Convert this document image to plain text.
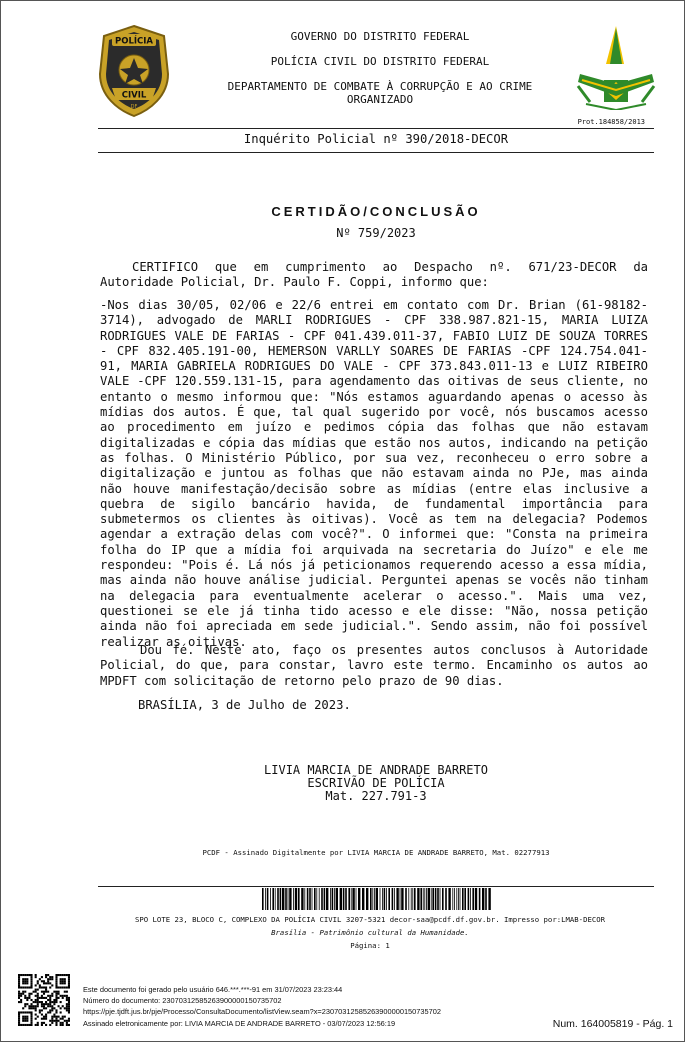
POLÍCIA
CIVIL
DF
GOVERNO DO DISTRITO FEDERAL
POLÍCIA CIVIL DO DISTRITO FEDERAL
DEPARTAMENTO DE COMBATE À CORRUPÇÃO E AO CRIME ORGANIZADO
Prot.184858/2013
Inquérito Policial nº 390/2018-DECOR
CERTIDÃO/CONCLUSÃO
Nº 759/2023
CERTIFICO que em cumprimento ao Despacho nº. 671/23-DECOR da Autoridade Policial, Dr. Paulo F. Coppi, informo que:
-Nos dias 30/05, 02/06 e 22/6 entrei em contato com Dr. Brian (61-98182-3714), advogado de MARLI RODRIGUES - CPF 338.987.821-15, MARIA LUIZA RODRIGUES VALE DE FARIAS - CPF 041.439.011-37, FABIO LUIZ DE SOUZA TORRES - CPF 832.405.191-00, HEMERSON VARLLY SOARES DE FARIAS -CPF 124.754.041-91, MARIA GABRIELA RODRIGUES DO VALE - CPF 373.843.011-13 e LUIZ RIBEIRO VALE -CPF 120.559.131-15, para agendamento das oitivas de seus cliente, no entanto o mesmo informou que: "Nós estamos aguardando apenas o acesso às mídias dos autos. É que, tal qual sugerido por você, nós buscamos acesso ao procedimento em juízo e pedimos cópia das folhas que não estavam digitalizadas e cópia das mídias que estão nos autos, indicando na petição as folhas. O Ministério Público, por sua vez, reconheceu o erro sobre a digitalização e juntou as folhas que não estavam ainda no PJe, mas ainda não houve manifestação/decisão sobre as mídias (entre elas inclusive a quebra de sigilo bancário havida, de fundamental importância para submetermos os clientes às oitivas). Você as tem na delegacia? Podemos agendar a extração delas com você?". O informei que: "Consta na primeira folha do IP que a mídia foi arquivada na secretaria do Juízo" e ele me respondeu: "Pois é. Lá nós já peticionamos requerendo acesso a essa mídia, mas ainda não houve análise judicial. Perguntei apenas se vocês não tinham na delegacia para eventualmente acelerar o acesso.". Mais uma vez, questionei se ele já tinha tido acesso e ele disse: "Não, nossa petição ainda não foi apreciada em sede judicial.". Sendo assim, não foi possível realizar as oitivas.
Dou fé. Neste ato, faço os presentes autos conclusos à Autoridade Policial, do que, para constar, lavro este termo. Encaminho os autos ao MPDFT com solicitação de retorno pelo prazo de 90 dias.
BRASÍLIA, 3 de Julho de 2023.
LIVIA MARCIA DE ANDRADE BARRETO
ESCRIVÃO DE POLÍCIA
Mat. 227.791-3
PCDF - Assinado Digitalmente por LIVIA MARCIA DE ANDRADE BARRETO, Mat. 02277913
SPO LOTE 23, BLOCO C, COMPLEXO DA POLÍCIA CIVIL 3207-5321 decor-saa@pcdf.df.gov.br. Impresso por:LMAB-DECOR
Brasília - Patrimônio cultural da Humanidade.
Página: 1
Este documento foi gerado pelo usuário 646.***.***-91 em 31/07/2023 23:23:44
Número do documento: 23070312585263900000150735702
https://pje.tjdft.jus.br/pje/Processo/ConsultaDocumento/listView.seam?x=23070312585263900000150735702
Assinado eletronicamente por: LIVIA MARCIA DE ANDRADE BARRETO - 03/07/2023 12:56:19	Num. 164005819 - Pág. 1
